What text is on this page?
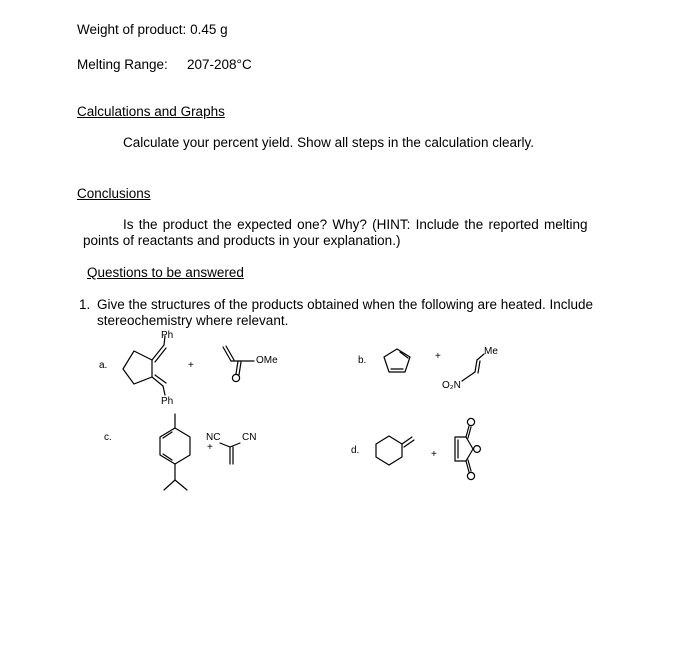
Weight of product: 0.45 g
Melting Range: 207-208°C
Calculations and Graphs
Calculate your percent yield. Show all steps in the calculation clearly.
Conclusions
Is the product the expected one? Why? (HINT: Include the reported melting
points of reactants and products in your explanation.)
Questions to be answered
1. Give the structures of the products obtained when the following are heated. Include
stereochemistry where relevant.
a.
Ph
Ph
+	OMe	b.	+	Me
O₂N
c.	NC CN
+	d.	+
